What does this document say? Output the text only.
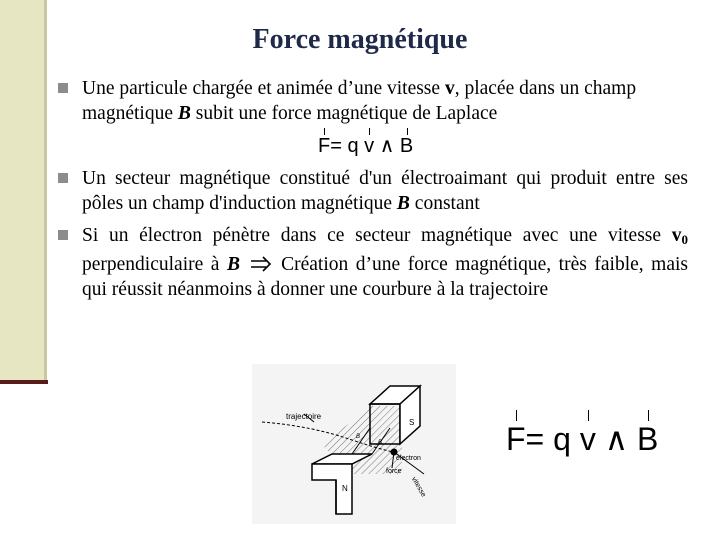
Force magnétique
Une particule chargée et animée d’une vitesse v, placée dans un champ magnétique B subit une force magnétique de Laplace
F= q v ∧ B
Un secteur magnétique constitué d'un électroaimant qui produit entre ses pôles un champ d'induction magnétique B constant
Si un électron pénètre dans ce secteur magnétique avec une vitesse v0 perpendiculaire à B  Création d’une force magnétique, très faible, mais qui réussit néanmoins à donner une courbure à la trajectoire
trajectoire
S
N
électron
force
vitesse
B
B	F= q v ∧ B
